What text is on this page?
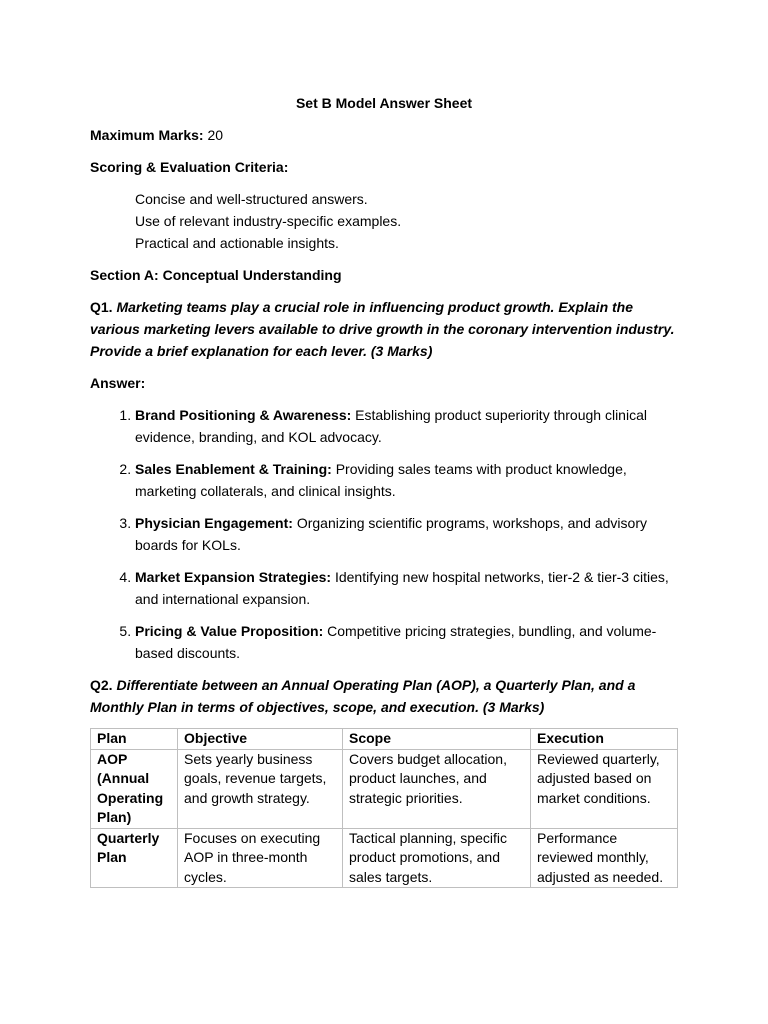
Set B Model Answer Sheet
Maximum Marks: 20
Scoring & Evaluation Criteria:
Concise and well-structured answers.
Use of relevant industry-specific examples.
Practical and actionable insights.
Section A: Conceptual Understanding
Q1. Marketing teams play a crucial role in influencing product growth. Explain the various marketing levers available to drive growth in the coronary intervention industry. Provide a brief explanation for each lever. (3 Marks)
Answer:
1. Brand Positioning & Awareness: Establishing product superiority through clinical evidence, branding, and KOL advocacy.
2. Sales Enablement & Training: Providing sales teams with product knowledge, marketing collaterals, and clinical insights.
3. Physician Engagement: Organizing scientific programs, workshops, and advisory boards for KOLs.
4. Market Expansion Strategies: Identifying new hospital networks, tier-2 & tier-3 cities, and international expansion.
5. Pricing & Value Proposition: Competitive pricing strategies, bundling, and volume-based discounts.
Q2. Differentiate between an Annual Operating Plan (AOP), a Quarterly Plan, and a Monthly Plan in terms of objectives, scope, and execution. (3 Marks)
Plan	Objective	Scope	Execution
AOP (Annual Operating Plan)	Sets yearly business goals, revenue targets, and growth strategy.	Covers budget allocation, product launches, and strategic priorities.	Reviewed quarterly, adjusted based on market conditions.
Quarterly Plan	Focuses on executing AOP in three-month cycles.	Tactical planning, specific product promotions, and sales targets.	Performance reviewed monthly, adjusted as needed.
